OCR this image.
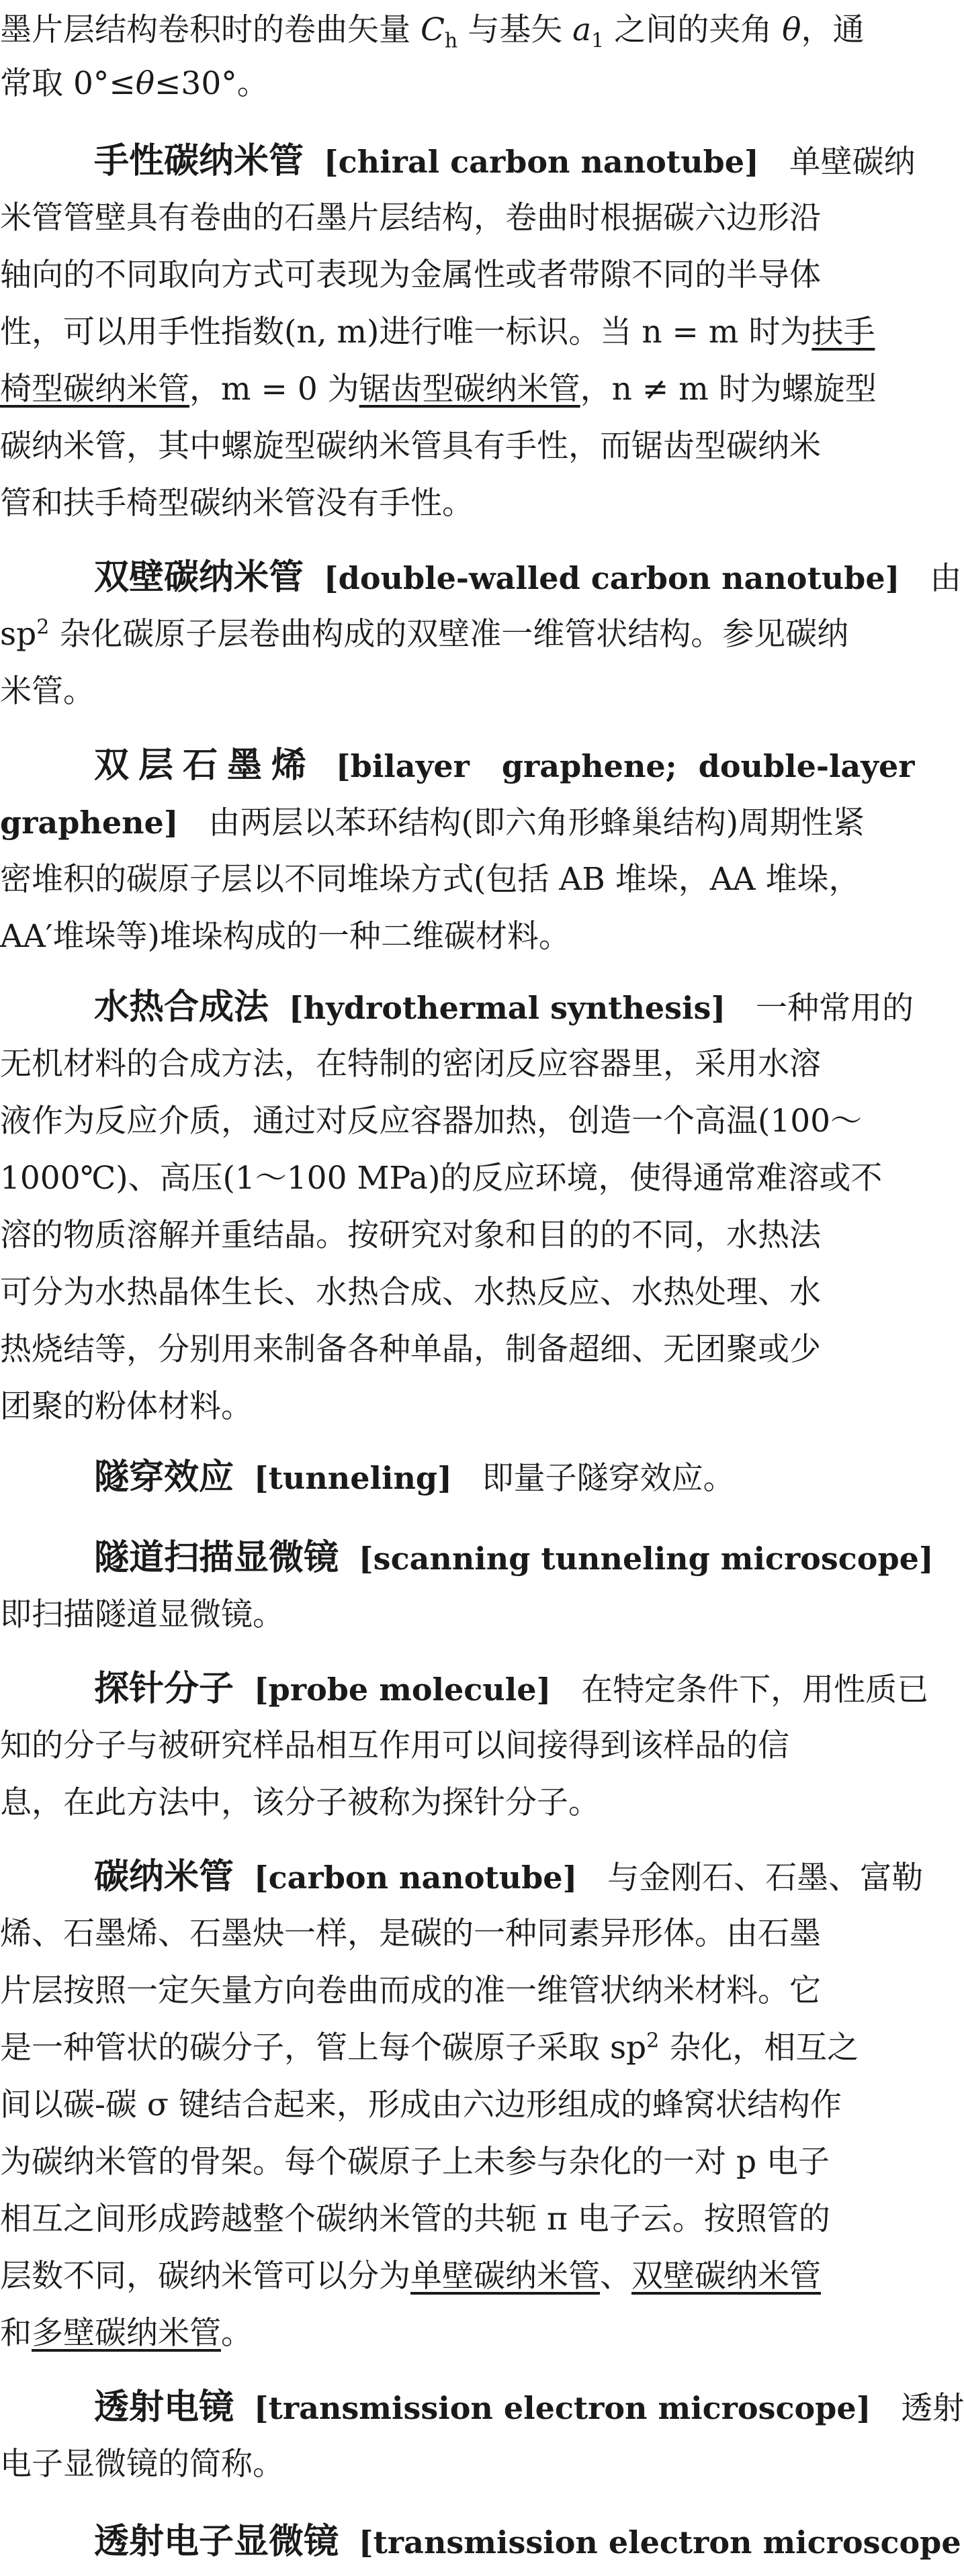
墨片层结构卷积时的卷曲矢量 $C_h$ 与基矢 $a_1$ 之间的夹角 θ，通
常取 0°≤θ≤30°。
手性碳纳米管 [chiral carbon nanotube] 单壁碳纳
米管管壁具有卷曲的石墨片层结构，卷曲时根据碳六边形沿
轴向的不同取向方式可表现为金属性或者带隙不同的半导体
性，可以用手性指数(n, m)进行唯一标识。当 n = m 时为扶手
椅型碳纳米管，m = 0 为锯齿型碳纳米管，n ≠ m 时为螺旋型
碳纳米管，其中螺旋型碳纳米管具有手性，而锯齿型碳纳米
管和扶手椅型碳纳米管没有手性。
双壁碳纳米管 [double-walled carbon nanotube] 由
$sp^2$ 杂化碳原子层卷曲构成的双壁准一维管状结构。参见碳纳
米管。
双层石墨烯 [bilayer   graphene;  double-layer
graphene] 由两层以苯环结构(即六角形蜂巢结构)周期性紧
密堆积的碳原子层以不同堆垛方式(包括 AB 堆垛，AA 堆垛，
AA′堆垛等)堆垛构成的一种二维碳材料。
水热合成法 [hydrothermal synthesis] 一种常用的
无机材料的合成方法，在特制的密闭反应容器里，采用水溶
液作为反应介质，通过对反应容器加热，创造一个高温(100～
1000℃)、高压(1～100 MPa)的反应环境，使得通常难溶或不
溶的物质溶解并重结晶。按研究对象和目的的不同，水热法
可分为水热晶体生长、水热合成、水热反应、水热处理、水
热烧结等，分别用来制备各种单晶，制备超细、无团聚或少
团聚的粉体材料。
隧穿效应 [tunneling] 即量子隧穿效应。
隧道扫描显微镜 [scanning tunneling microscope]
即扫描隧道显微镜。
探针分子 [probe molecule] 在特定条件下，用性质已
知的分子与被研究样品相互作用可以间接得到该样品的信
息，在此方法中，该分子被称为探针分子。
碳纳米管 [carbon nanotube] 与金刚石、石墨、富勒
烯、石墨烯、石墨炔一样，是碳的一种同素异形体。由石墨
片层按照一定矢量方向卷曲而成的准一维管状纳米材料。它
是一种管状的碳分子，管上每个碳原子采取 $sp^2$ 杂化，相互之
间以碳-碳 σ 键结合起来，形成由六边形组成的蜂窝状结构作
为碳纳米管的骨架。每个碳原子上未参与杂化的一对 p 电子
相互之间形成跨越整个碳纳米管的共轭 π 电子云。按照管的
层数不同，碳纳米管可以分为单壁碳纳米管、双壁碳纳米管
和多壁碳纳米管。
透射电镜 [transmission electron microscope] 透射
电子显微镜的简称。
透射电子显微镜 [transmission electron microscope
